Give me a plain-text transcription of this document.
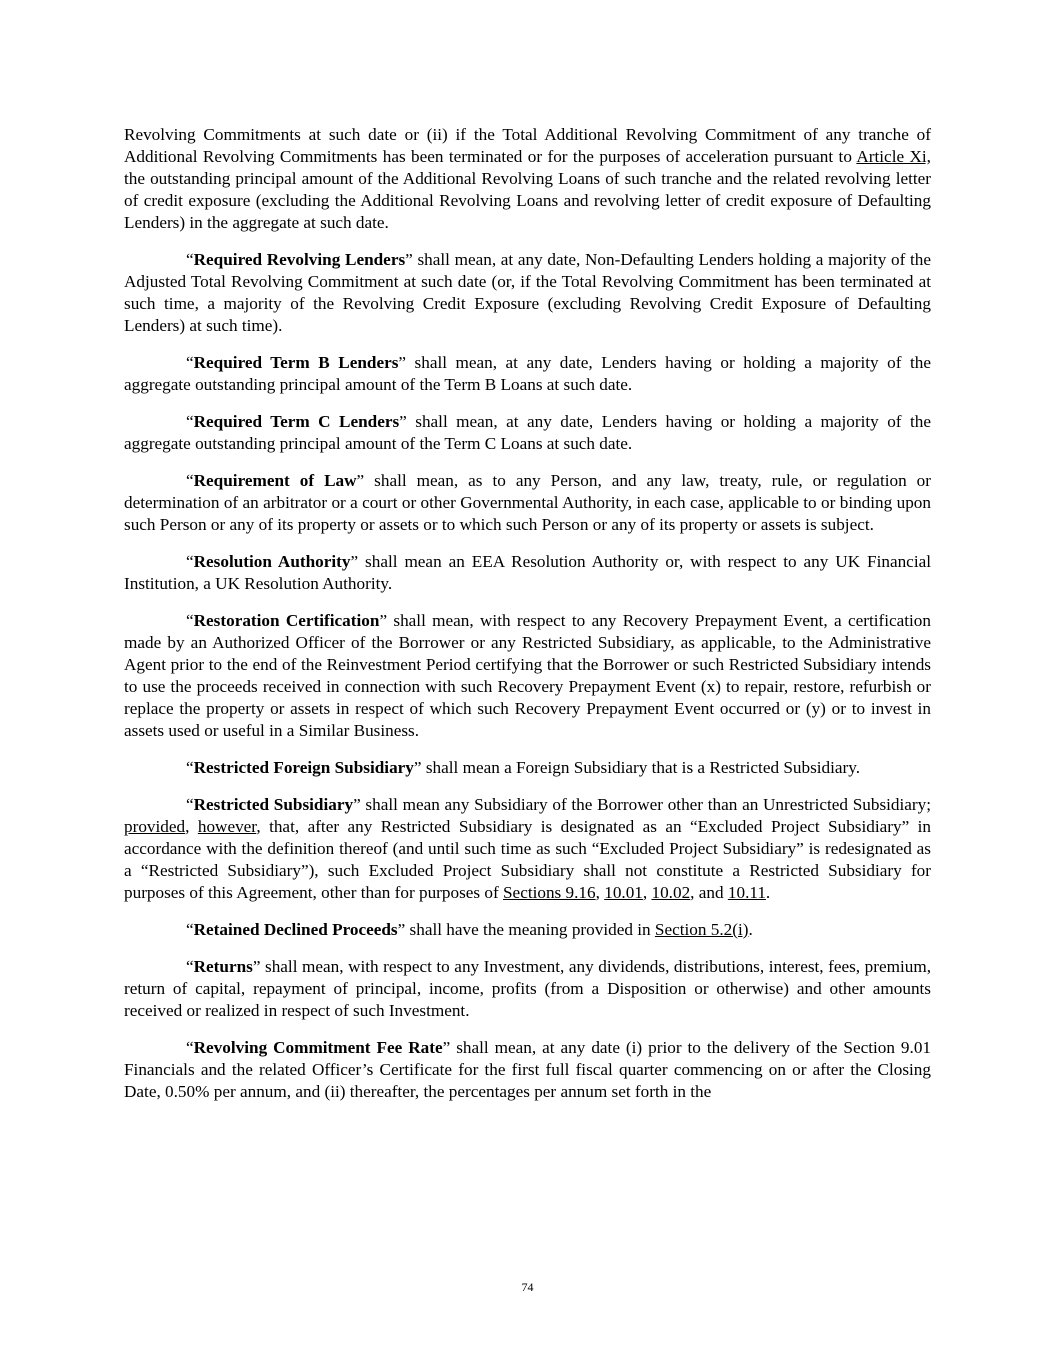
Revolving Commitments at such date or (ii) if the Total Additional Revolving Commitment of any tranche of Additional Revolving Commitments has been terminated or for the purposes of acceleration pursuant to Article Xi, the outstanding principal amount of the Additional Revolving Loans of such tranche and the related revolving letter of credit exposure (excluding the Additional Revolving Loans and revolving letter of credit exposure of Defaulting Lenders) in the aggregate at such date.

“Required Revolving Lenders” shall mean, at any date, Non-Defaulting Lenders holding a majority of the Adjusted Total Revolving Commitment at such date (or, if the Total Revolving Commitment has been terminated at such time, a majority of the Revolving Credit Exposure (excluding Revolving Credit Exposure of Defaulting Lenders) at such time).

“Required Term B Lenders” shall mean, at any date, Lenders having or holding a majority of the aggregate outstanding principal amount of the Term B Loans at such date.

“Required Term C Lenders” shall mean, at any date, Lenders having or holding a majority of the aggregate outstanding principal amount of the Term C Loans at such date.

“Requirement of Law” shall mean, as to any Person, and any law, treaty, rule, or regulation or determination of an arbitrator or a court or other Governmental Authority, in each case, applicable to or binding upon such Person or any of its property or assets or to which such Person or any of its property or assets is subject.

“Resolution Authority” shall mean an EEA Resolution Authority or, with respect to any UK Financial Institution, a UK Resolution Authority.

“Restoration Certification” shall mean, with respect to any Recovery Prepayment Event, a certification made by an Authorized Officer of the Borrower or any Restricted Subsidiary, as applicable, to the Administrative Agent prior to the end of the Reinvestment Period certifying that the Borrower or such Restricted Subsidiary intends to use the proceeds received in connection with such Recovery Prepayment Event (x) to repair, restore, refurbish or replace the property or assets in respect of which such Recovery Prepayment Event occurred or (y) or to invest in assets used or useful in a Similar Business.

“Restricted Foreign Subsidiary” shall mean a Foreign Subsidiary that is a Restricted Subsidiary.

“Restricted Subsidiary” shall mean any Subsidiary of the Borrower other than an Unrestricted Subsidiary; provided, however, that, after any Restricted Subsidiary is designated as an “Excluded Project Subsidiary” in accordance with the definition thereof (and until such time as such “Excluded Project Subsidiary” is redesignated as a “Restricted Subsidiary”), such Excluded Project Subsidiary shall not constitute a Restricted Subsidiary for purposes of this Agreement, other than for purposes of Sections 9.16, 10.01, 10.02, and 10.11.

“Retained Declined Proceeds” shall have the meaning provided in Section 5.2(i).

“Returns” shall mean, with respect to any Investment, any dividends, distributions, interest, fees, premium, return of capital, repayment of principal, income, profits (from a Disposition or otherwise) and other amounts received or realized in respect of such Investment.

“Revolving Commitment Fee Rate” shall mean, at any date (i) prior to the delivery of the Section 9.01 Financials and the related Officer’s Certificate for the first full fiscal quarter commencing on or after the Closing Date, 0.50% per annum, and (ii) thereafter, the percentages per annum set forth in the

74
